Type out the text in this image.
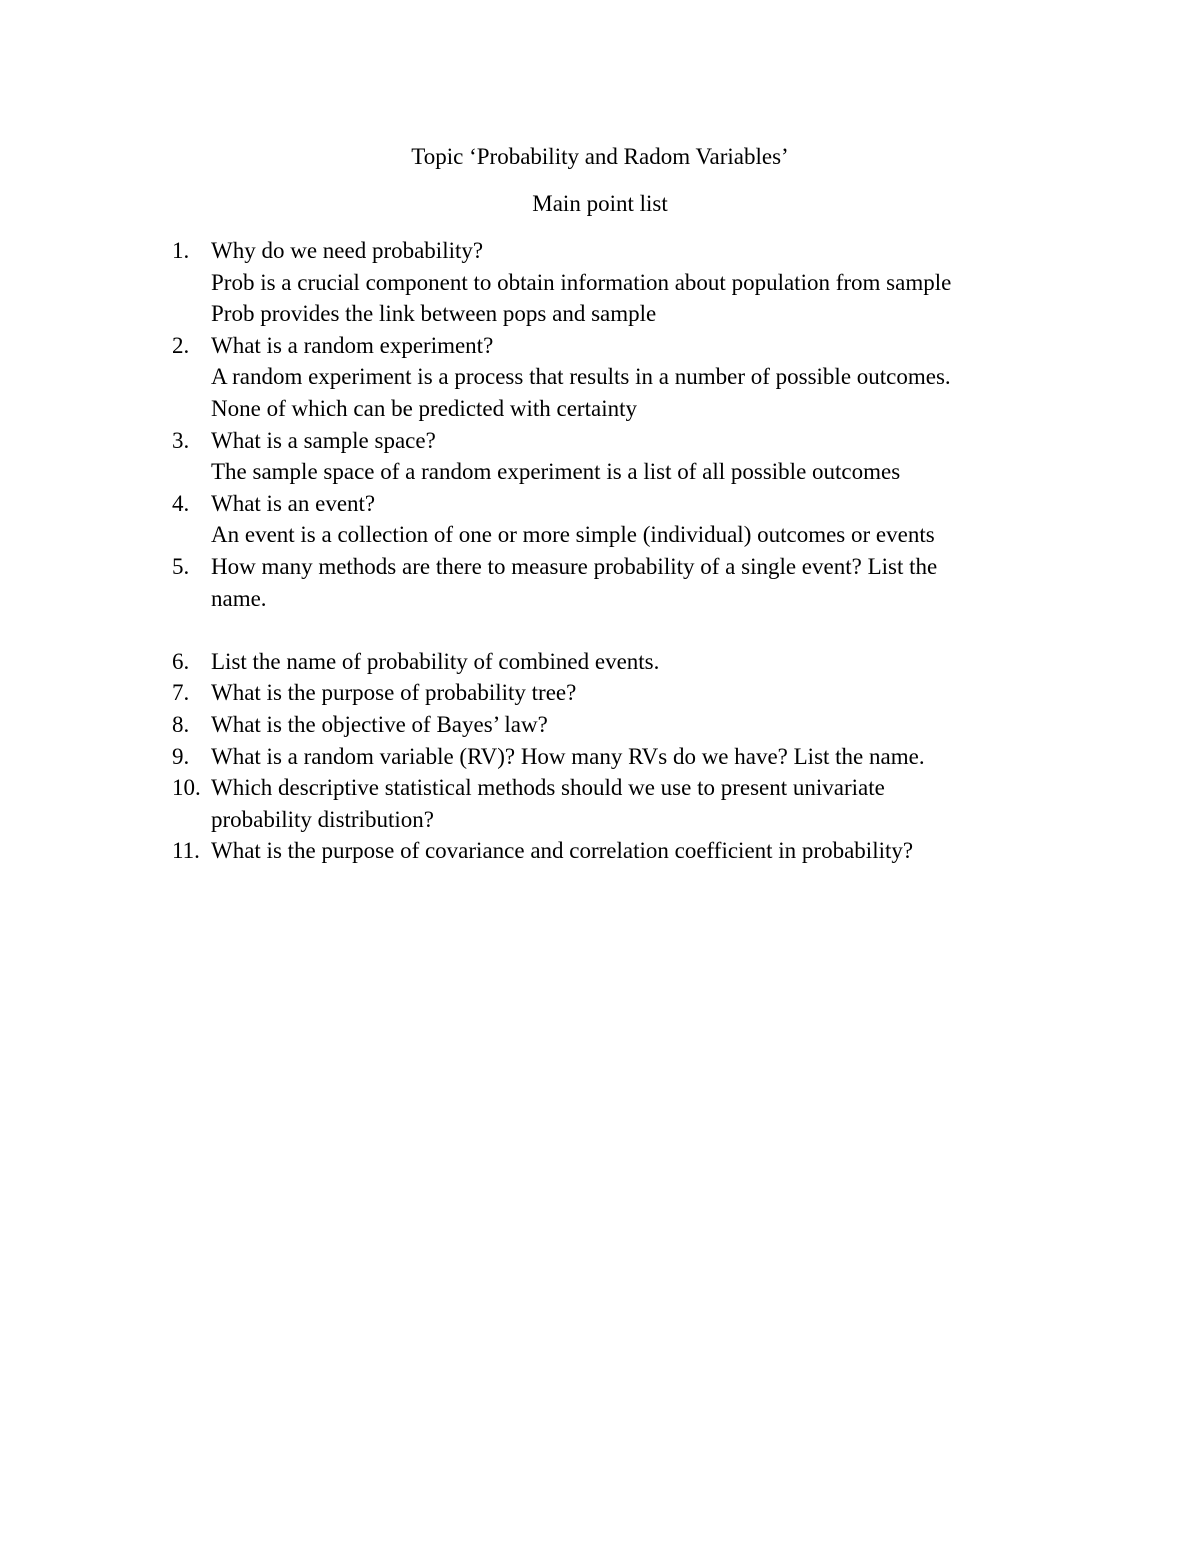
Topic ‘Probability and Radom Variables’
Main point list
1. Why do we need probability?
Prob is a crucial component to obtain information about population from sample
Prob provides the link between pops and sample
2. What is a random experiment?
A random experiment is a process that results in a number of possible outcomes.
None of which can be predicted with certainty
3. What is a sample space?
The sample space of a random experiment is a list of all possible outcomes
4. What is an event?
An event is a collection of one or more simple (individual) outcomes or events
5. How many methods are there to measure probability of a single event? List the
name.
6. List the name of probability of combined events.
7. What is the purpose of probability tree?
8. What is the objective of Bayes’ law?
9. What is a random variable (RV)? How many RVs do we have? List the name.
10. Which descriptive statistical methods should we use to present univariate
probability distribution?
11. What is the purpose of covariance and correlation coefficient in probability?
